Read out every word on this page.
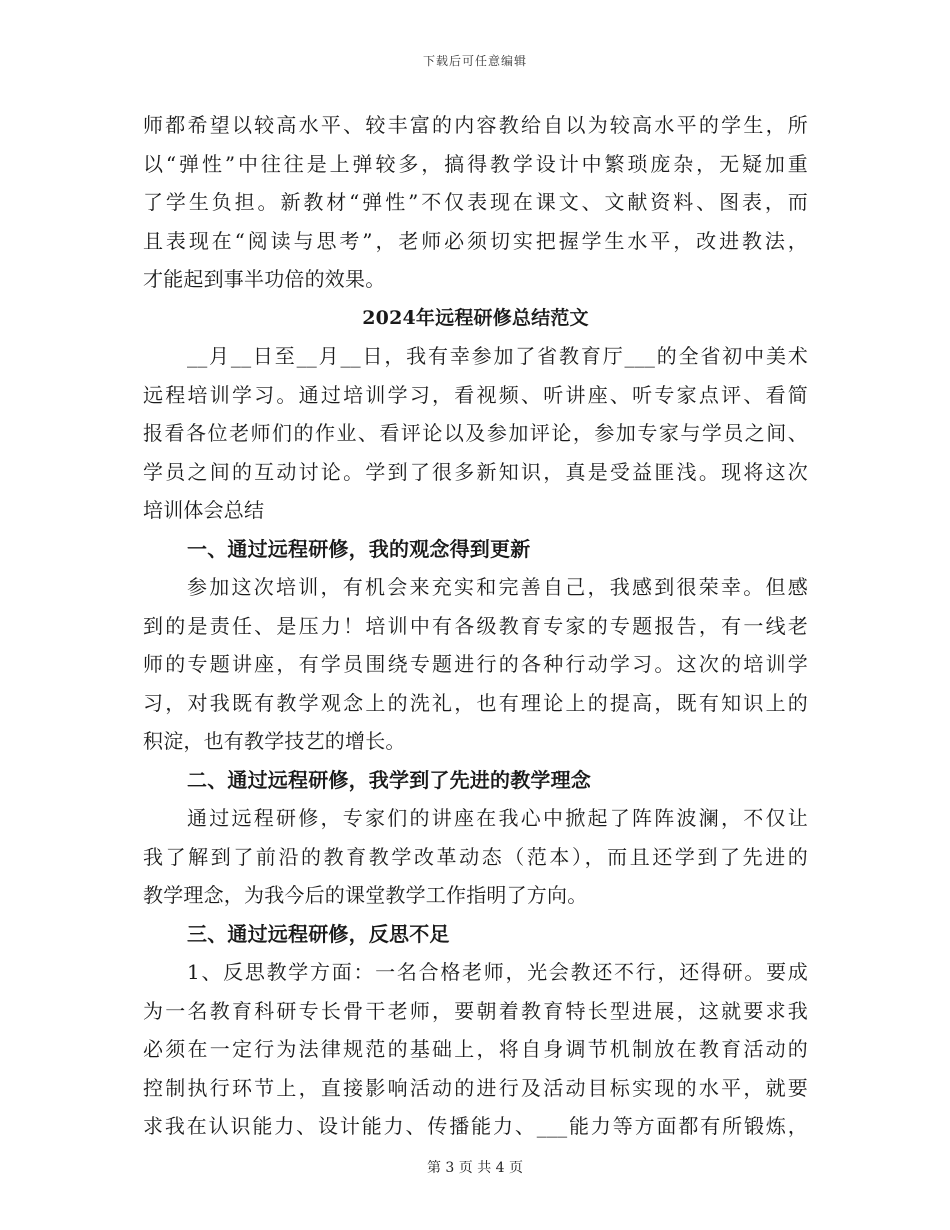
下载后可任意编辑
师都希望以较高水平、较丰富的内容教给自以为较高水平的学生，所
以“弹性”中往往是上弹较多，搞得教学设计中繁琐庞杂，无疑加重
了学生负担。新教材“弹性”不仅表现在课文、文献资料、图表，而
且表现在“阅读与思考”，老师必须切实把握学生水平，改进教法，
才能起到事半功倍的效果。
2024年远程研修总结范文
__月__日至__月__日，我有幸参加了省教育厅___的全省初中美术
远程培训学习。通过培训学习，看视频、听讲座、听专家点评、看简
报看各位老师们的作业、看评论以及参加评论，参加专家与学员之间、
学员之间的互动讨论。学到了很多新知识，真是受益匪浅。现将这次
培训体会总结
一、通过远程研修，我的观念得到更新
参加这次培训，有机会来充实和完善自己，我感到很荣幸。但感
到的是责任、是压力！培训中有各级教育专家的专题报告，有一线老
师的专题讲座，有学员围绕专题进行的各种行动学习。这次的培训学
习，对我既有教学观念上的洗礼，也有理论上的提高，既有知识上的
积淀，也有教学技艺的增长。
二、通过远程研修，我学到了先进的教学理念
通过远程研修，专家们的讲座在我心中掀起了阵阵波澜，不仅让
我了解到了前沿的教育教学改革动态（范本），而且还学到了先进的
教学理念，为我今后的课堂教学工作指明了方向。
三、通过远程研修，反思不足
1、反思教学方面：一名合格老师，光会教还不行，还得研。要成
为一名教育科研专长骨干老师，要朝着教育特长型进展，这就要求我
必须在一定行为法律规范的基础上，将自身调节机制放在教育活动的
控制执行环节上，直接影响活动的进行及活动目标实现的水平，就要
求我在认识能力、设计能力、传播能力、___能力等方面都有所锻炼，
第 3 页 共 4 页
